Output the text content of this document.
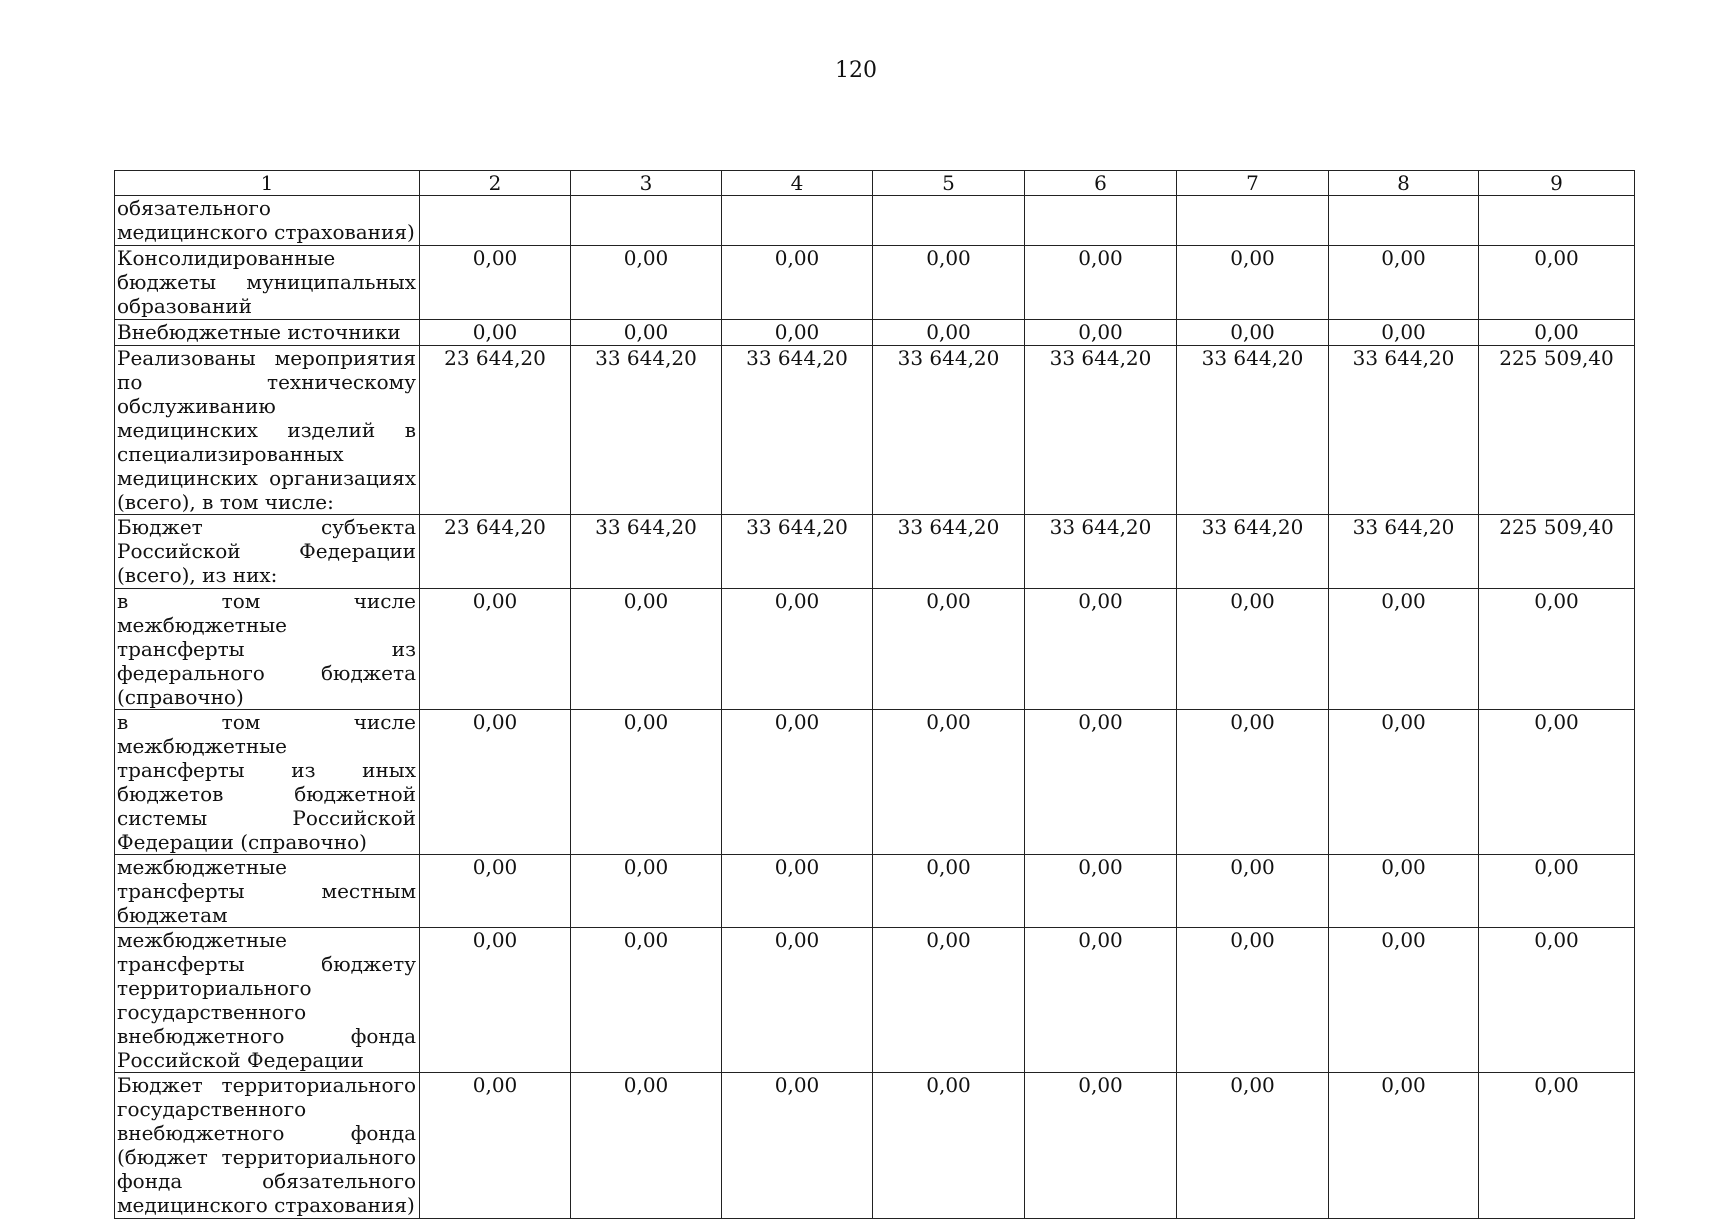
120
1	2	3	4	5	6	7	8	9
обязательного медицинского страхования)								
Консолидированные бюджеты муниципальных образований	0,00	0,00	0,00	0,00	0,00	0,00	0,00	0,00
Внебюджетные источники	0,00	0,00	0,00	0,00	0,00	0,00	0,00	0,00
Реализованы мероприятия по техническому обслуживанию медицинских изделий в специализированных медицинских организациях (всего), в том числе:	23 644,20	33 644,20	33 644,20	33 644,20	33 644,20	33 644,20	33 644,20	225 509,40
Бюджет субъекта Российской Федерации (всего), из них:	23 644,20	33 644,20	33 644,20	33 644,20	33 644,20	33 644,20	33 644,20	225 509,40
в том числе межбюджетные трансферты из федерального бюджета (справочно)	0,00	0,00	0,00	0,00	0,00	0,00	0,00	0,00
в том числе межбюджетные трансферты из иных бюджетов бюджетной системы Российской Федерации (справочно)	0,00	0,00	0,00	0,00	0,00	0,00	0,00	0,00
межбюджетные трансферты местным бюджетам	0,00	0,00	0,00	0,00	0,00	0,00	0,00	0,00
межбюджетные трансферты бюджету территориального государственного внебюджетного фонда Российской Федерации	0,00	0,00	0,00	0,00	0,00	0,00	0,00	0,00
Бюджет территориального государственного внебюджетного фонда (бюджет территориального фонда обязательного медицинского страхования)	0,00	0,00	0,00	0,00	0,00	0,00	0,00	0,00
